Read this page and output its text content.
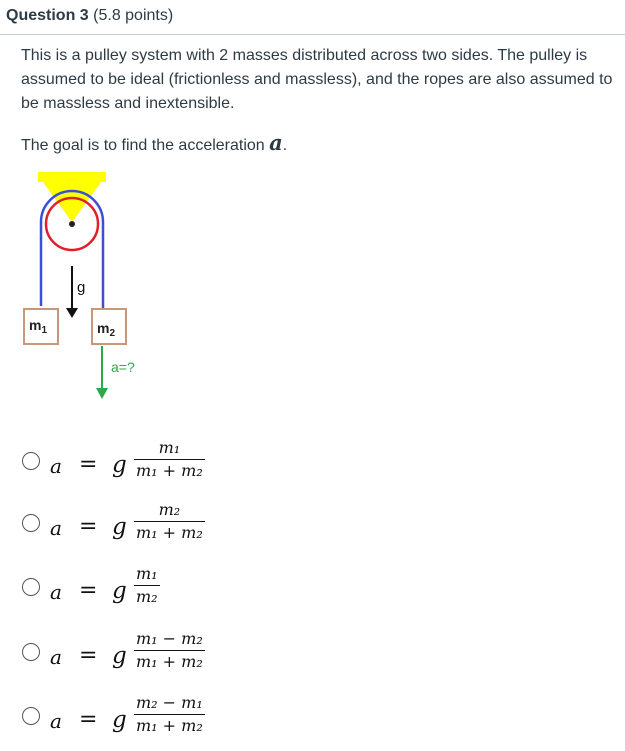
Question 3 (5.8 points)
This is a pulley system with 2 masses distributed across two sides. The pulley is assumed to be ideal (frictionless and massless), and the ropes are also assumed to be massless and inextensible.
The goal is to find the acceleration a.
g
$m_1$	$m_2$
a=?
a = g
m₁
m₁ + m₂
a = g
m₂
m₁ + m₂
a = g
m₁
m₂
a = g
m₁ − m₂
m₁ + m₂
a = g
m₂ − m₁
m₁ + m₂
